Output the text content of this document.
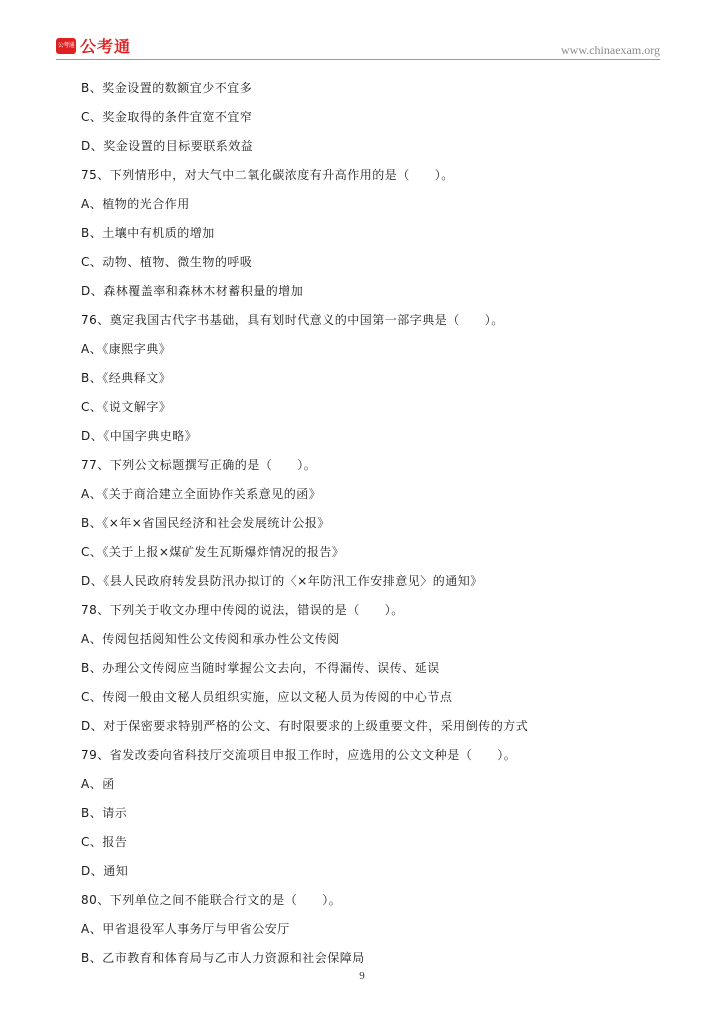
公考通 公考通	www.chinaexam.org
B、奖金设置的数额宜少不宜多
C、奖金取得的条件宜宽不宜窄
D、奖金设置的目标要联系效益
75、下列情形中，对大气中二氧化碳浓度有升高作用的是（　　）。
A、植物的光合作用
B、土壤中有机质的增加
C、动物、植物、微生物的呼吸
D、森林覆盖率和森林木材蓄积量的增加
76、奠定我国古代字书基础，具有划时代意义的中国第一部字典是（　　）。
A、《康熙字典》
B、《经典释文》
C、《说文解字》
D、《中国字典史略》
77、下列公文标题撰写正确的是（　　）。
A、《关于商洽建立全面协作关系意见的函》
B、《×年×省国民经济和社会发展统计公报》
C、《关于上报×煤矿发生瓦斯爆炸情况的报告》
D、《县人民政府转发县防汛办拟订的〈×年防汛工作安排意见〉的通知》
78、下列关于收文办理中传阅的说法，错误的是（　　）。
A、传阅包括阅知性公文传阅和承办性公文传阅
B、办理公文传阅应当随时掌握公文去向，不得漏传、误传、延误
C、传阅一般由文秘人员组织实施，应以文秘人员为传阅的中心节点
D、对于保密要求特别严格的公文、有时限要求的上级重要文件，采用倒传的方式
79、省发改委向省科技厅交流项目申报工作时，应选用的公文文种是（　　）。
A、函
B、请示
C、报告
D、通知
80、下列单位之间不能联合行文的是（　　）。
A、甲省退役军人事务厅与甲省公安厅
B、乙市教育和体育局与乙市人力资源和社会保障局
9
